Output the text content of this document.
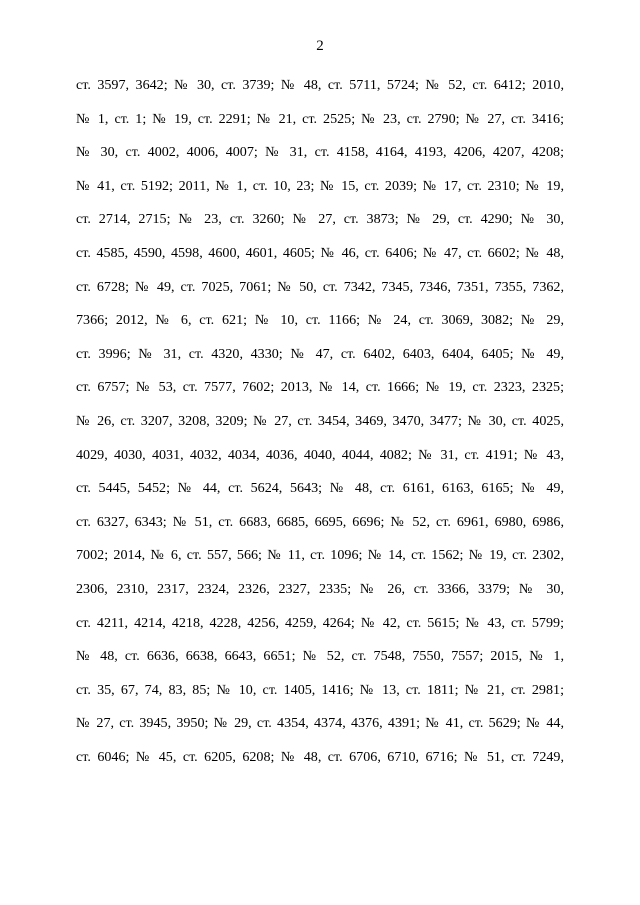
2
ст. 3597, 3642; № 30, ст. 3739; № 48, ст. 5711, 5724; № 52, ст. 6412; 2010,
№ 1, ст. 1; № 19, ст. 2291; № 21, ст. 2525; № 23, ст. 2790; № 27, ст. 3416;
№ 30, ст. 4002, 4006, 4007; № 31, ст. 4158, 4164, 4193, 4206, 4207, 4208;
№ 41, ст. 5192; 2011, № 1, ст. 10, 23; № 15, ст. 2039; № 17, ст. 2310; № 19,
ст. 2714, 2715; № 23, ст. 3260; № 27, ст. 3873; № 29, ст. 4290; № 30,
ст. 4585, 4590, 4598, 4600, 4601, 4605; № 46, ст. 6406; № 47, ст. 6602; № 48,
ст. 6728; № 49, ст. 7025, 7061; № 50, ст. 7342, 7345, 7346, 7351, 7355, 7362,
7366; 2012, № 6, ст. 621; № 10, ст. 1166; № 24, ст. 3069, 3082; № 29,
ст. 3996; № 31, ст. 4320, 4330; № 47, ст. 6402, 6403, 6404, 6405; № 49,
ст. 6757; № 53, ст. 7577, 7602; 2013, № 14, ст. 1666; № 19, ст. 2323, 2325;
№ 26, ст. 3207, 3208, 3209; № 27, ст. 3454, 3469, 3470, 3477; № 30, ст. 4025,
4029, 4030, 4031, 4032, 4034, 4036, 4040, 4044, 4082; № 31, ст. 4191; № 43,
ст. 5445, 5452; № 44, ст. 5624, 5643; № 48, ст. 6161, 6163, 6165; № 49,
ст. 6327, 6343; № 51, ст. 6683, 6685, 6695, 6696; № 52, ст. 6961, 6980, 6986,
7002; 2014, № 6, ст. 557, 566; № 11, ст. 1096; № 14, ст. 1562; № 19, ст. 2302,
2306, 2310, 2317, 2324, 2326, 2327, 2335; № 26, ст. 3366, 3379; № 30,
ст. 4211, 4214, 4218, 4228, 4256, 4259, 4264; № 42, ст. 5615; № 43, ст. 5799;
№ 48, ст. 6636, 6638, 6643, 6651; № 52, ст. 7548, 7550, 7557; 2015, № 1,
ст. 35, 67, 74, 83, 85; № 10, ст. 1405, 1416; № 13, ст. 1811; № 21, ст. 2981;
№ 27, ст. 3945, 3950; № 29, ст. 4354, 4374, 4376, 4391; № 41, ст. 5629; № 44,
ст. 6046; № 45, ст. 6205, 6208; № 48, ст. 6706, 6710, 6716; № 51, ст. 7249,
